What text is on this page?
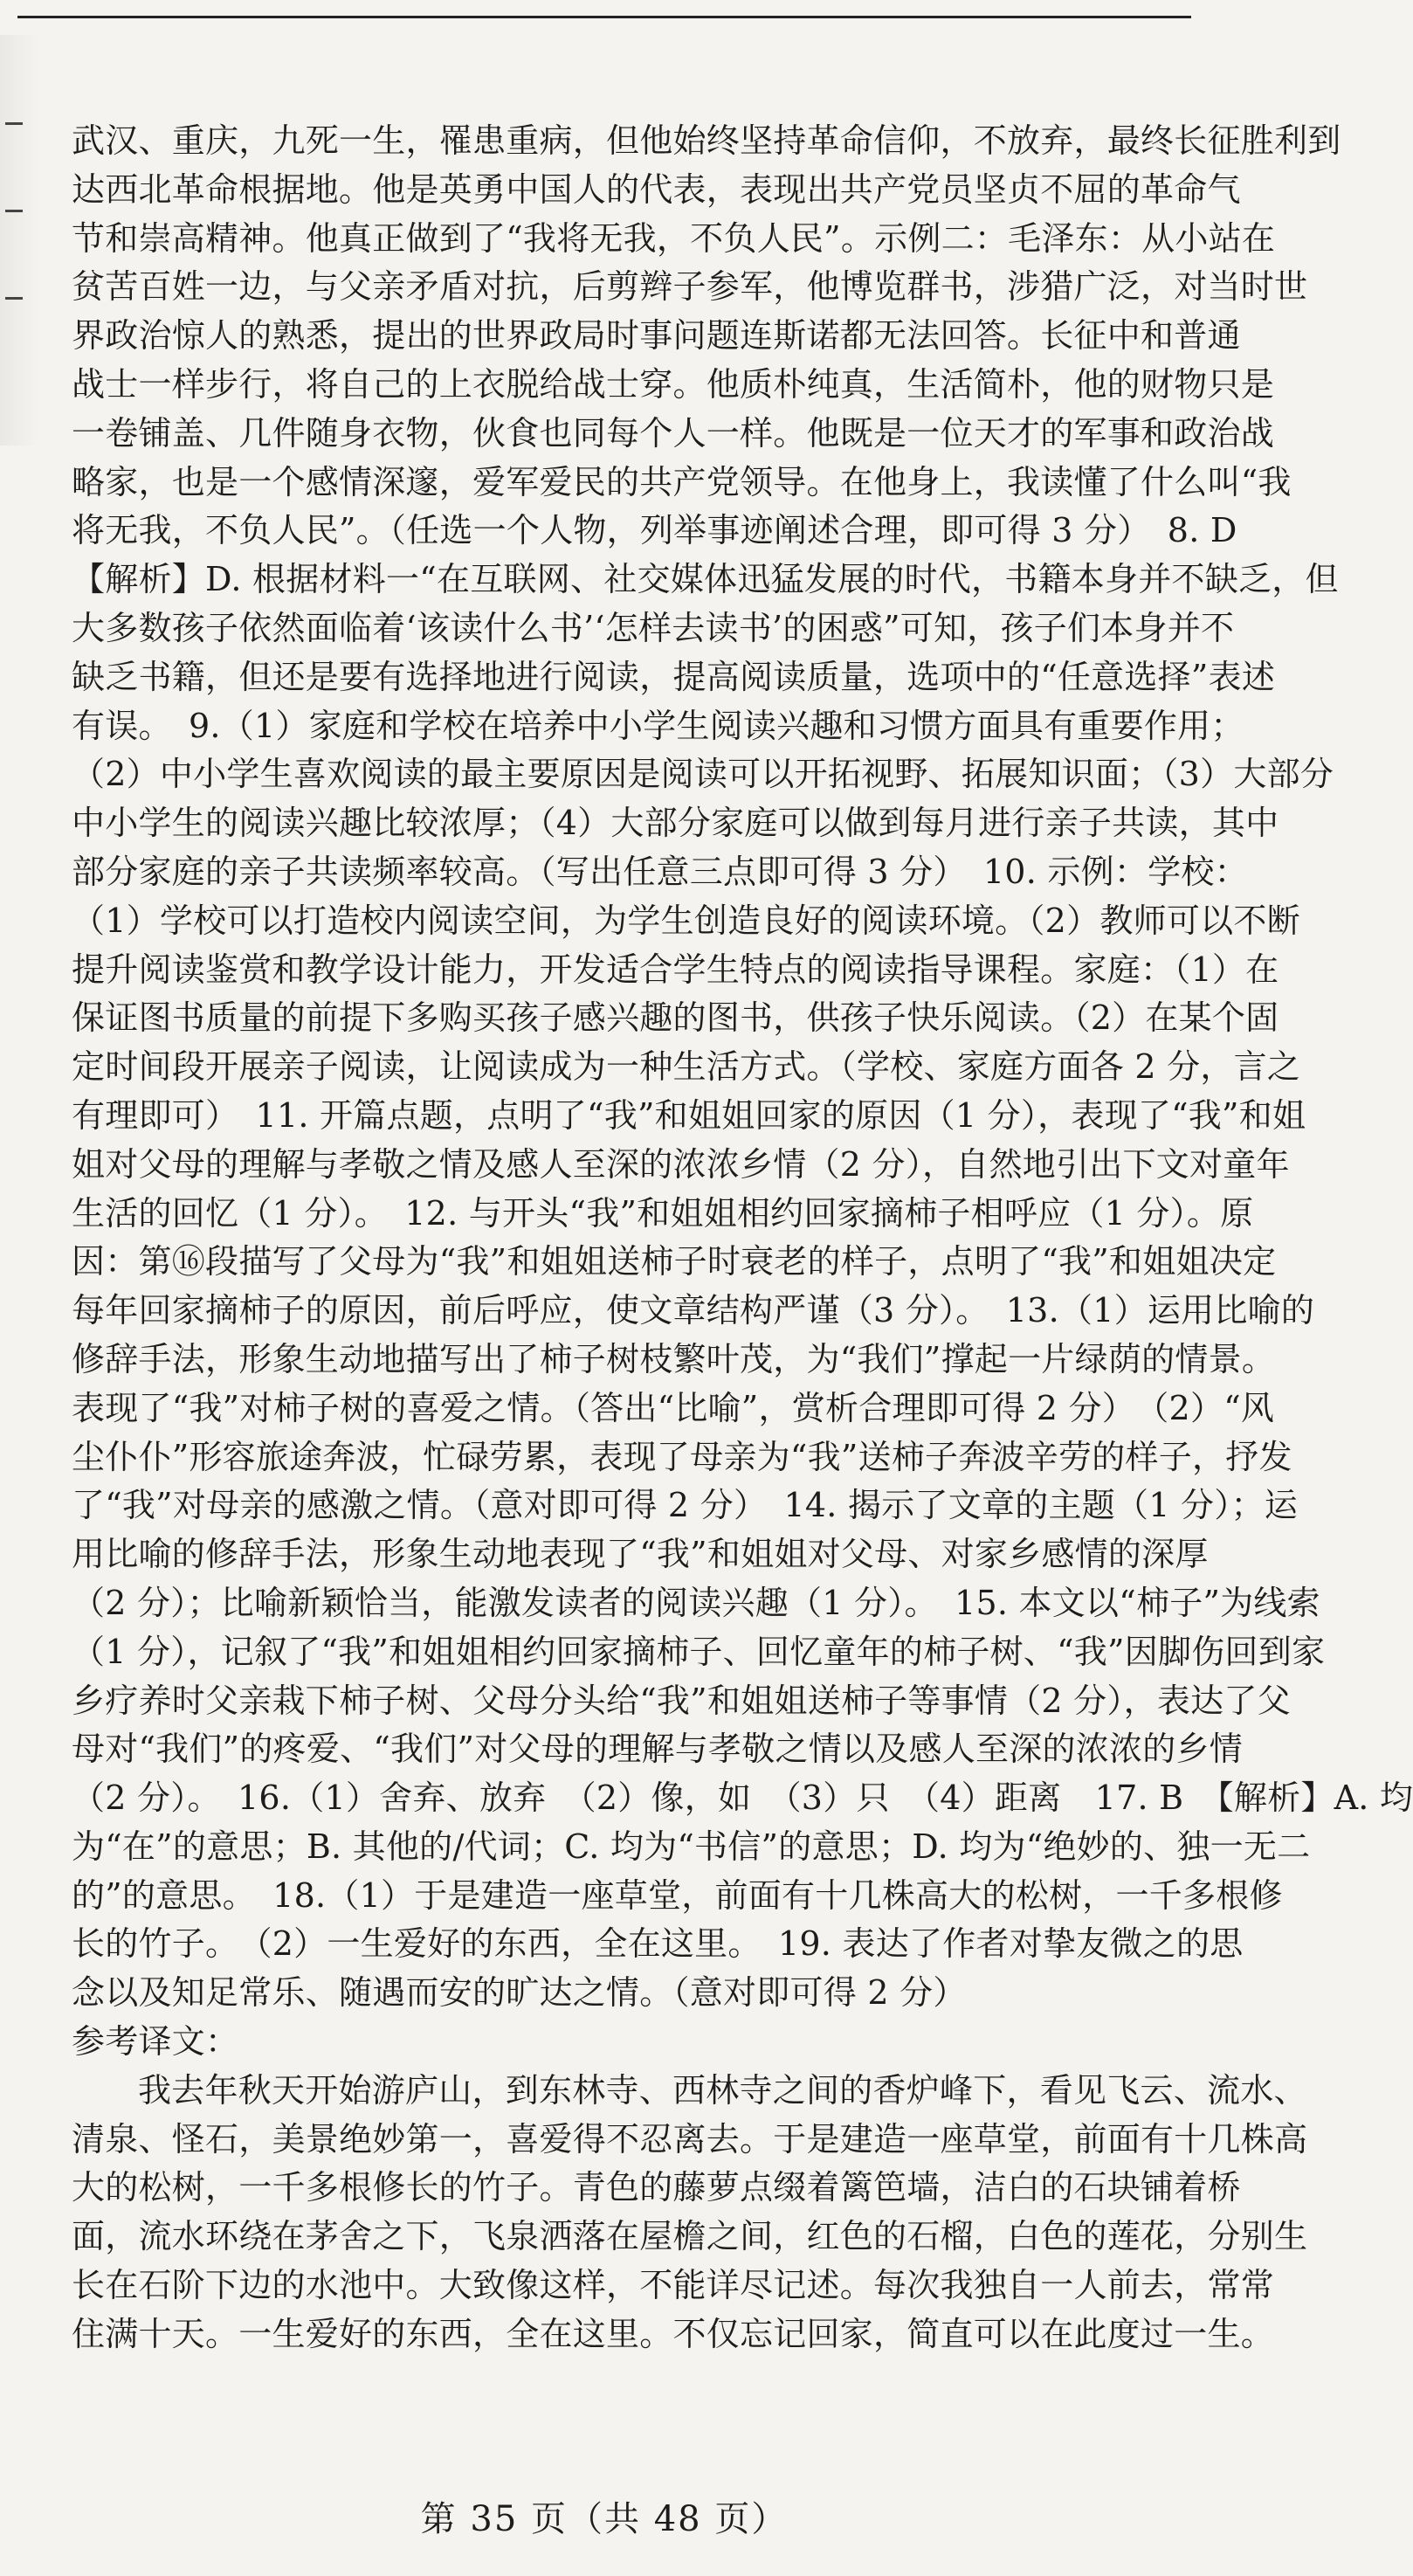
武汉、重庆，九死一生，罹患重病，但他始终坚持革命信仰，不放弃，最终长征胜利到
达西北革命根据地。他是英勇中国人的代表，表现出共产党员坚贞不屈的革命气
节和崇高精神。他真正做到了“我将无我，不负人民”。示例二：毛泽东：从小站在
贫苦百姓一边，与父亲矛盾对抗，后剪辫子参军，他博览群书，涉猎广泛，对当时世
界政治惊人的熟悉，提出的世界政局时事问题连斯诺都无法回答。长征中和普通
战士一样步行，将自己的上衣脱给战士穿。他质朴纯真，生活简朴，他的财物只是
一卷铺盖、几件随身衣物，伙食也同每个人一样。他既是一位天才的军事和政治战
略家，也是一个感情深邃，爱军爱民的共产党领导。在他身上，我读懂了什么叫“我
将无我，不负人民”。（任选一个人物，列举事迹阐述合理，即可得 3 分）　8. D
【解析】D. 根据材料一“在互联网、社交媒体迅猛发展的时代，书籍本身并不缺乏，但
大多数孩子依然面临着‘该读什么书’‘怎样去读书’的困惑”可知，孩子们本身并不
缺乏书籍，但还是要有选择地进行阅读，提高阅读质量，选项中的“任意选择”表述
有误。　9.（1）家庭和学校在培养中小学生阅读兴趣和习惯方面具有重要作用；
（2）中小学生喜欢阅读的最主要原因是阅读可以开拓视野、拓展知识面；（3）大部分
中小学生的阅读兴趣比较浓厚；（4）大部分家庭可以做到每月进行亲子共读，其中
部分家庭的亲子共读频率较高。（写出任意三点即可得 3 分）　10. 示例：学校：
（1）学校可以打造校内阅读空间，为学生创造良好的阅读环境。（2）教师可以不断
提升阅读鉴赏和教学设计能力，开发适合学生特点的阅读指导课程。家庭：（1）在
保证图书质量的前提下多购买孩子感兴趣的图书，供孩子快乐阅读。（2）在某个固
定时间段开展亲子阅读，让阅读成为一种生活方式。（学校、家庭方面各 2 分，言之
有理即可）　11. 开篇点题，点明了“我”和姐姐回家的原因（1 分），表现了“我”和姐
姐对父母的理解与孝敬之情及感人至深的浓浓乡情（2 分），自然地引出下文对童年
生活的回忆（1 分）。　12. 与开头“我”和姐姐相约回家摘柿子相呼应（1 分）。原
因：第⑯段描写了父母为“我”和姐姐送柿子时衰老的样子，点明了“我”和姐姐决定
每年回家摘柿子的原因，前后呼应，使文章结构严谨（3 分）。　13.（1）运用比喻的
修辞手法，形象生动地描写出了柿子树枝繁叶茂，为“我们”撑起一片绿荫的情景。
表现了“我”对柿子树的喜爱之情。（答出“比喻”，赏析合理即可得 2 分）　（2）“风
尘仆仆”形容旅途奔波，忙碌劳累，表现了母亲为“我”送柿子奔波辛劳的样子，抒发
了“我”对母亲的感激之情。（意对即可得 2 分）　14. 揭示了文章的主题（1 分）；运
用比喻的修辞手法，形象生动地表现了“我”和姐姐对父母、对家乡感情的深厚
（2 分）；比喻新颖恰当，能激发读者的阅读兴趣（1 分）。　15. 本文以“柿子”为线索
（1 分），记叙了“我”和姐姐相约回家摘柿子、回忆童年的柿子树、“我”因脚伤回到家
乡疗养时父亲栽下柿子树、父母分头给“我”和姐姐送柿子等事情（2 分），表达了父
母对“我们”的疼爱、“我们”对父母的理解与孝敬之情以及感人至深的浓浓的乡情
（2 分）。　16.（1）舍弃、放弃　（2）像，如　（3）只　（4）距离　17. B　【解析】A. 均
为“在”的意思；B. 其他的/代词；C. 均为“书信”的意思；D. 均为“绝妙的、独一无二
的”的意思。　18.（1）于是建造一座草堂，前面有十几株高大的松树，一千多根修
长的竹子。　（2）一生爱好的东西，全在这里。　19. 表达了作者对挚友微之的思
念以及知足常乐、随遇而安的旷达之情。（意对即可得 2 分）
参考译文：
我去年秋天开始游庐山，到东林寺、西林寺之间的香炉峰下，看见飞云、流水、
清泉、怪石，美景绝妙第一，喜爱得不忍离去。于是建造一座草堂，前面有十几株高
大的松树，一千多根修长的竹子。青色的藤萝点缀着篱笆墙，洁白的石块铺着桥
面，流水环绕在茅舍之下，飞泉洒落在屋檐之间，红色的石榴，白色的莲花，分别生
长在石阶下边的水池中。大致像这样，不能详尽记述。每次我独自一人前去，常常
住满十天。一生爱好的东西，全在这里。不仅忘记回家，简直可以在此度过一生。
第 35 页（共 48 页）
